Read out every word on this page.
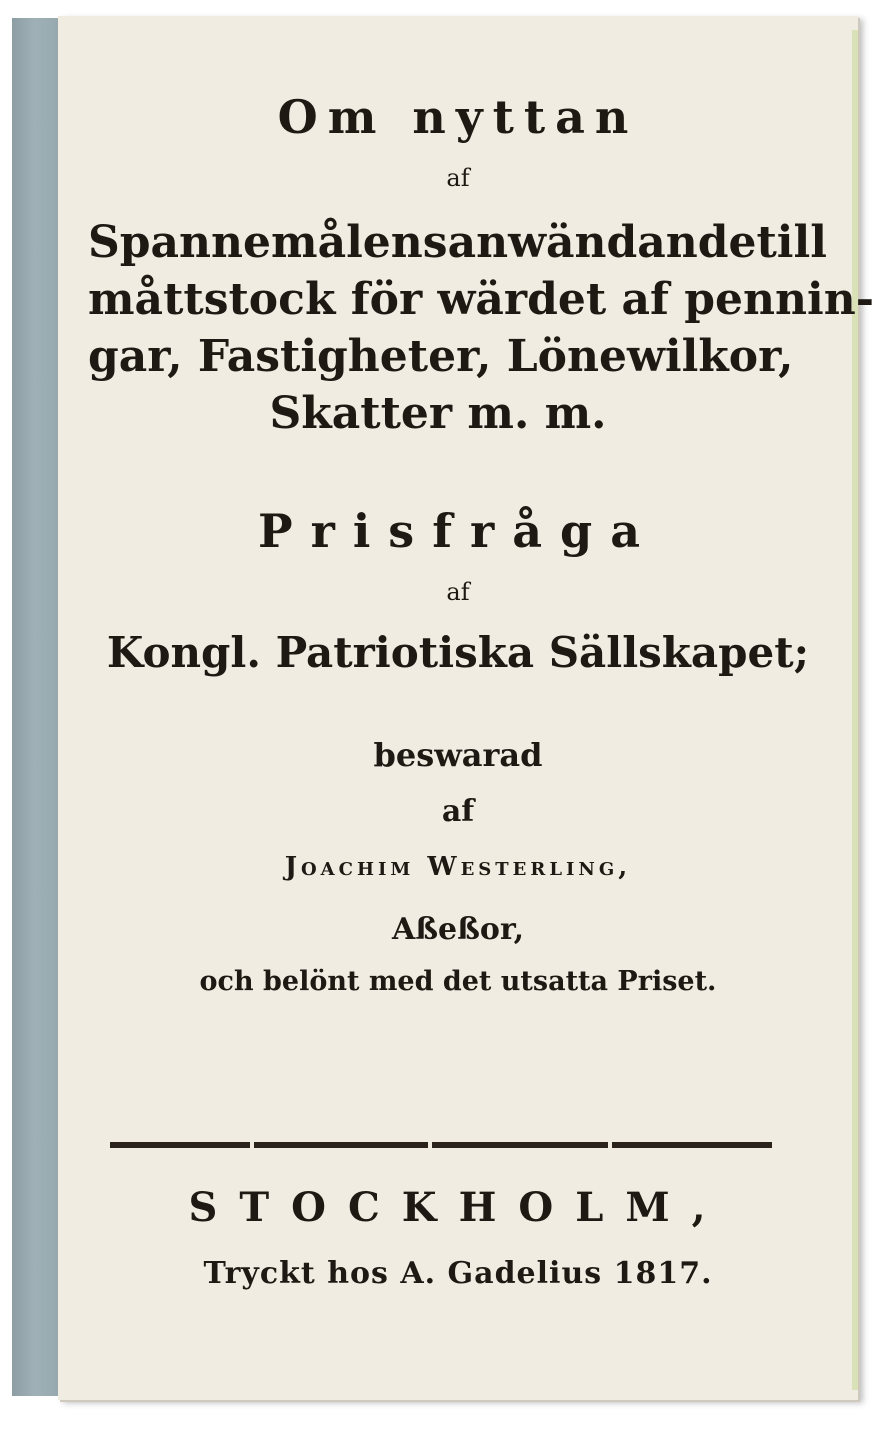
Om nyttan
af
Spannemålens anwändande till
måttstock för wärdet af pennin-
gar, Fastigheter, Lönewilkor,
Skatter m. m.
Prisfråga
af
Kongl. Patriotiska Sällskapet;
beswarad
af
Joachim Westerling,
Aßeßor,
och belönt med det utsatta Priset.
STOCKHOLM,
Tryckt hos A. Gadelius 1817.
